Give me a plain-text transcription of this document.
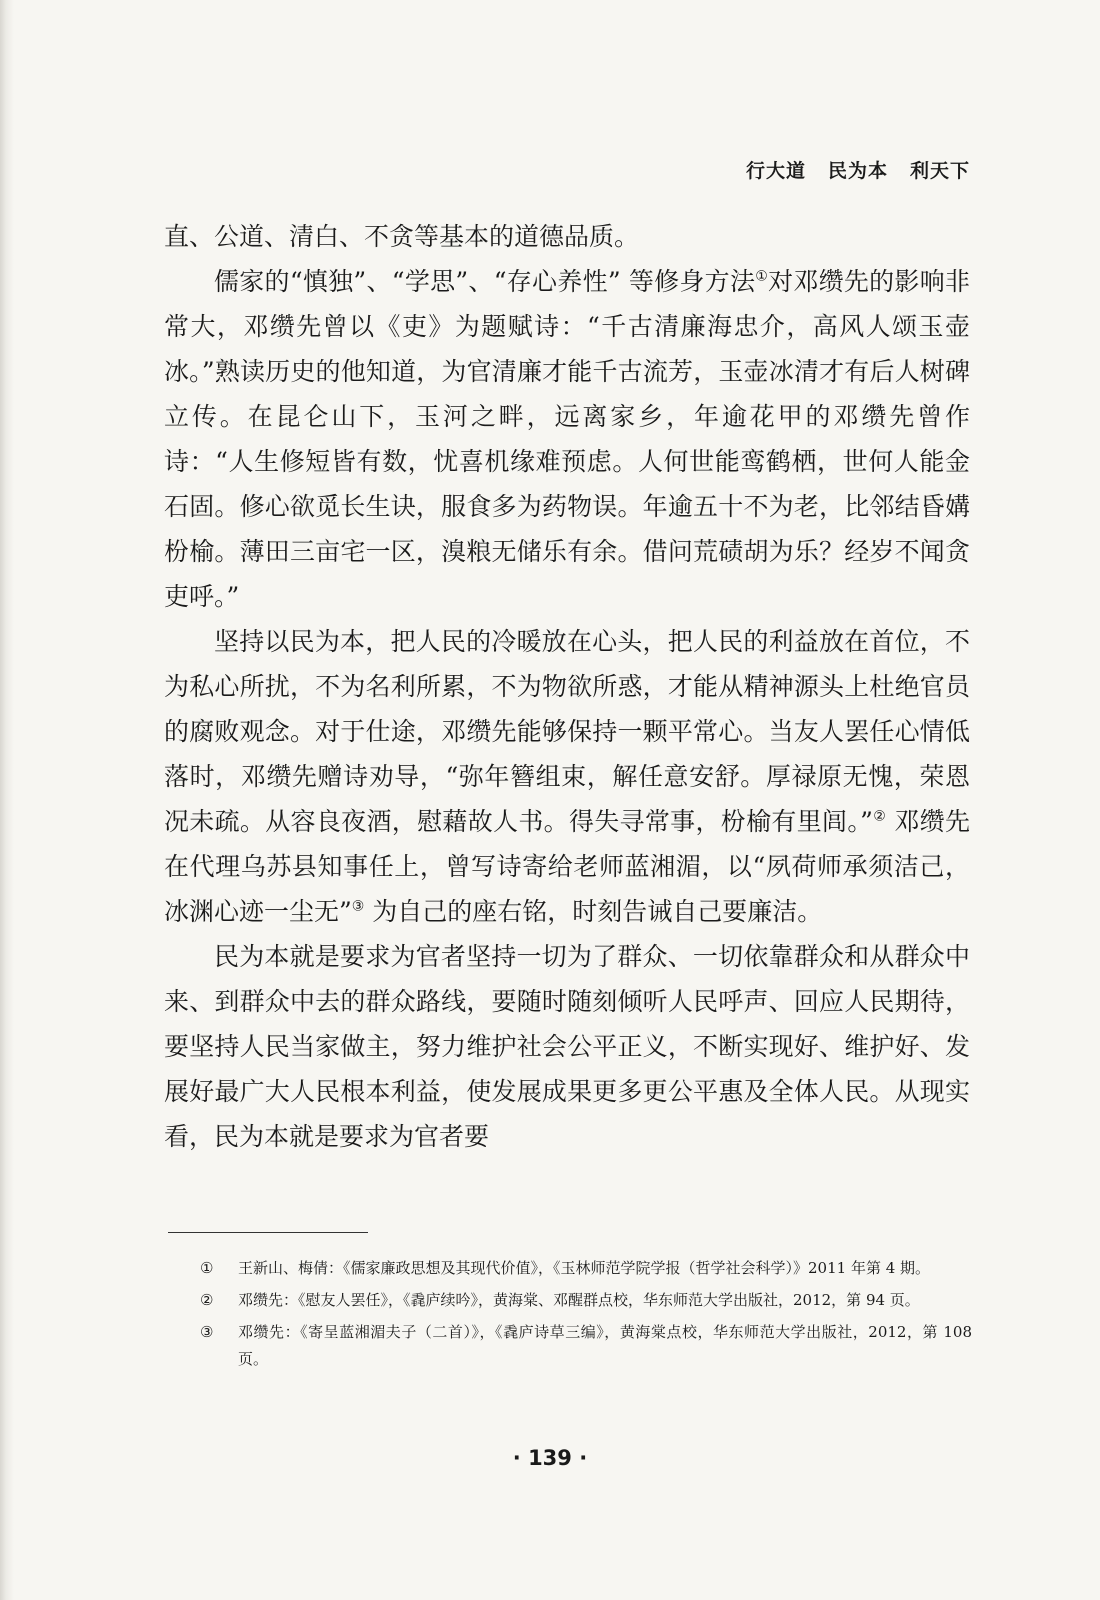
行大道 民为本 利天下

直、公道、清白、不贪等基本的道德品质。

儒家的“慎独”、“学思”、“存心养性” 等修身方法①对邓缵先的影响非常大，邓缵先曾以《吏》为题赋诗：“千古清廉海忠介，高风人颂玉壶冰。”熟读历史的他知道，为官清廉才能千古流芳，玉壶冰清才有后人树碑立传。在昆仑山下，玉河之畔，远离家乡，年逾花甲的邓缵先曾作诗：“人生修短皆有数，忧喜机缘难预虑。人何世能鸾鹤栖，世何人能金石固。修心欲觅长生诀，服食多为药物误。年逾五十不为老，比邻结昏媾枌榆。薄田三亩宅一区，溴粮无储乐有余。借问荒碛胡为乐？经岁不闻贪吏呼。”

坚持以民为本，把人民的冷暖放在心头，把人民的利益放在首位，不为私心所扰，不为名利所累，不为物欲所惑，才能从精神源头上杜绝官员的腐败观念。对于仕途，邓缵先能够保持一颗平常心。当友人罢任心情低落时，邓缵先赠诗劝导，“弥年簪组束，解任意安舒。厚禄原无愧，荣恩况未疏。从容良夜酒，慰藉故人书。得失寻常事，枌榆有里闾。”② 邓缵先在代理乌苏县知事任上，曾写诗寄给老师蓝湘湄，以“夙荷师承须洁己，冰渊心迹一尘无”③ 为自己的座右铭，时刻告诫自己要廉洁。

民为本就是要求为官者坚持一切为了群众、一切依靠群众和从群众中来、到群众中去的群众路线，要随时随刻倾听人民呼声、回应人民期待，要坚持人民当家做主，努力维护社会公平正义，不断实现好、维护好、发展好最广大人民根本利益，使发展成果更多更公平惠及全体人民。从现实看，民为本就是要求为官者要

①	王新山、梅倩：《儒家廉政思想及其现代价值》，《玉林师范学院学报（哲学社会科学）》2011 年第 4 期。
②	邓缵先：《慰友人罢任》，《毳庐续吟》，黄海棠、邓醒群点校，华东师范大学出版社，2012，第 94 页。
③	邓缵先：《寄呈蓝湘湄夫子（二首）》，《毳庐诗草三编》，黄海棠点校，华东师范大学出版社，2012，第 108 页。
· 139 ·
